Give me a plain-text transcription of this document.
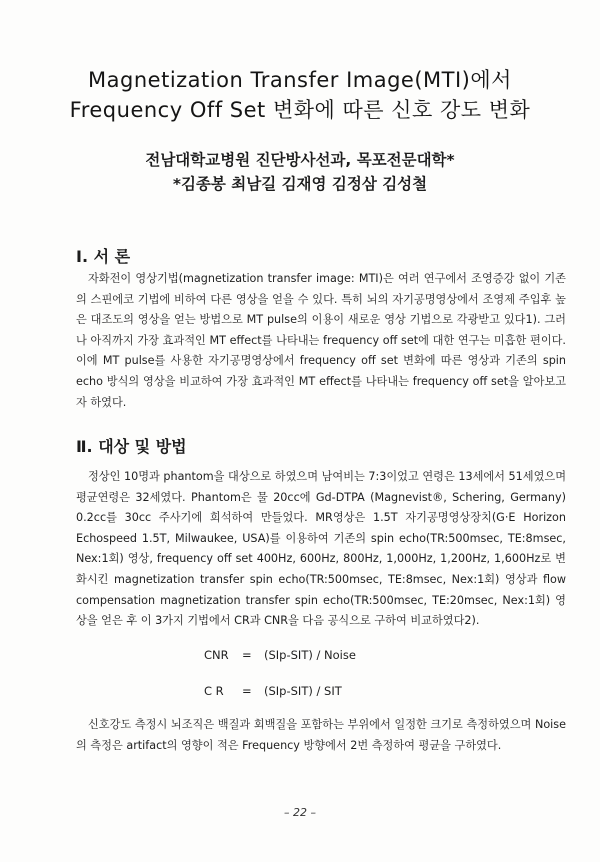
Magnetization Transfer Image(MTI)에서
Frequency Off Set 변화에 따른 신호 강도 변화
전남대학교병원 진단방사선과, 목포전문대학*
*김종봉 최남길 김재영 김정삼 김성철
Ⅰ. 서 론

자화전이 영상기법(magnetization transfer image: MTI)은 여러 연구에서 조영증강 없이 기존의 스핀에코 기법에 비하여 다른 영상을 얻을 수 있다. 특히 뇌의 자기공명영상에서 조영제 주입후 높은 대조도의 영상을 얻는 방법으로 MT pulse의 이용이 새로운 영상 기법으로 각광받고 있다1). 그러나 아직까지 가장 효과적인 MT effect를 나타내는 frequency off set에 대한 연구는 미흡한 편이다. 이에 MT pulse를 사용한 자기공명영상에서 frequency off set 변화에 따른 영상과 기존의 spin echo 방식의 영상을 비교하여 가장 효과적인 MT effect를 나타내는 frequency off set을 알아보고자 하였다.

Ⅱ. 대상 및 방법

정상인 10명과 phantom을 대상으로 하였으며 남여비는 7:3이었고 연령은 13세에서 51세였으며 평균연령은 32세였다. Phantom은 물 20cc에 Gd-DTPA (Magnevist®, Schering, Germany) 0.2cc를 30cc 주사기에 희석하여 만들었다. MR영상은 1.5T 자기공명영상장치(G·E Horizon Echospeed 1.5T, Milwaukee, USA)를 이용하여 기존의 spin echo(TR:500msec, TE:8msec, Nex:1회) 영상, frequency off set 400Hz, 600Hz, 800Hz, 1,000Hz, 1,200Hz, 1,600Hz로 변화시킨 magnetization transfer spin echo(TR:500msec, TE:8msec, Nex:1회) 영상과 flow compensation magnetization transfer spin echo(TR:500msec, TE:20msec, Nex:1회) 영상을 얻은 후 이 3가지 기법에서 CR과 CNR을 다음 공식으로 구하여 비교하였다2).

CNR = (SIp-SIT) / Noise
C R = (SIp-SIT) / SIT

신호강도 측정시 뇌조직은 백질과 회백질을 포함하는 부위에서 일정한 크기로 측정하였으며 Noise의 측정은 artifact의 영향이 적은 Frequency 방향에서 2번 측정하여 평균을 구하였다.

– 22 –
